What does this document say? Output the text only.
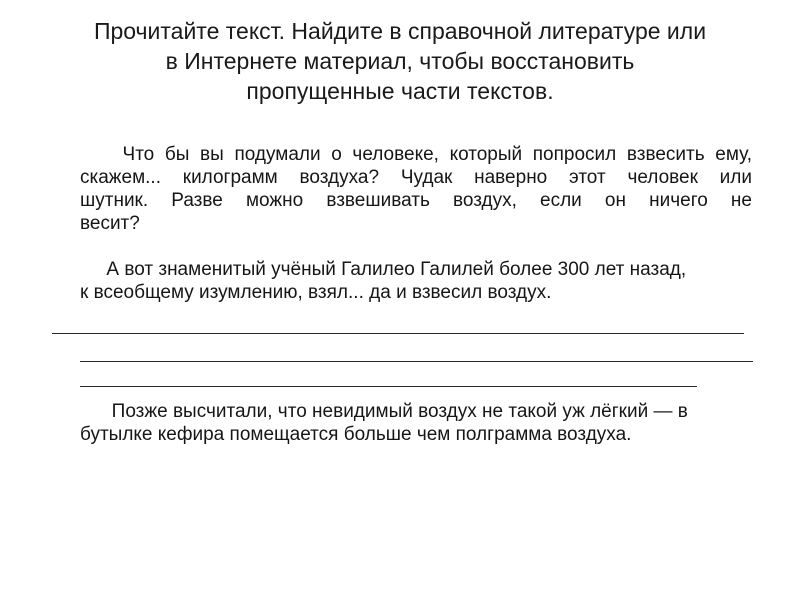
Прочитайте текст. Найдите в справочной литературе или
в Интернете материал, чтобы восстановить
пропущенные части текстов.
Что бы вы подумали о человеке, который попросил взвесить ему,
скажем... килограмм воздуха? Чудак наверно этот человек или
шутник. Разве можно взвешивать воздух, если он ничего не
весит?
А вот знаменитый учёный Галилео Галилей более 300 лет назад,
к всеобщему изумлению, взял... да и взвесил воздух.
Позже высчитали, что невидимый воздух не такой уж лёгкий — в
бутылке кефира помещается больше чем полграмма воздуха.
